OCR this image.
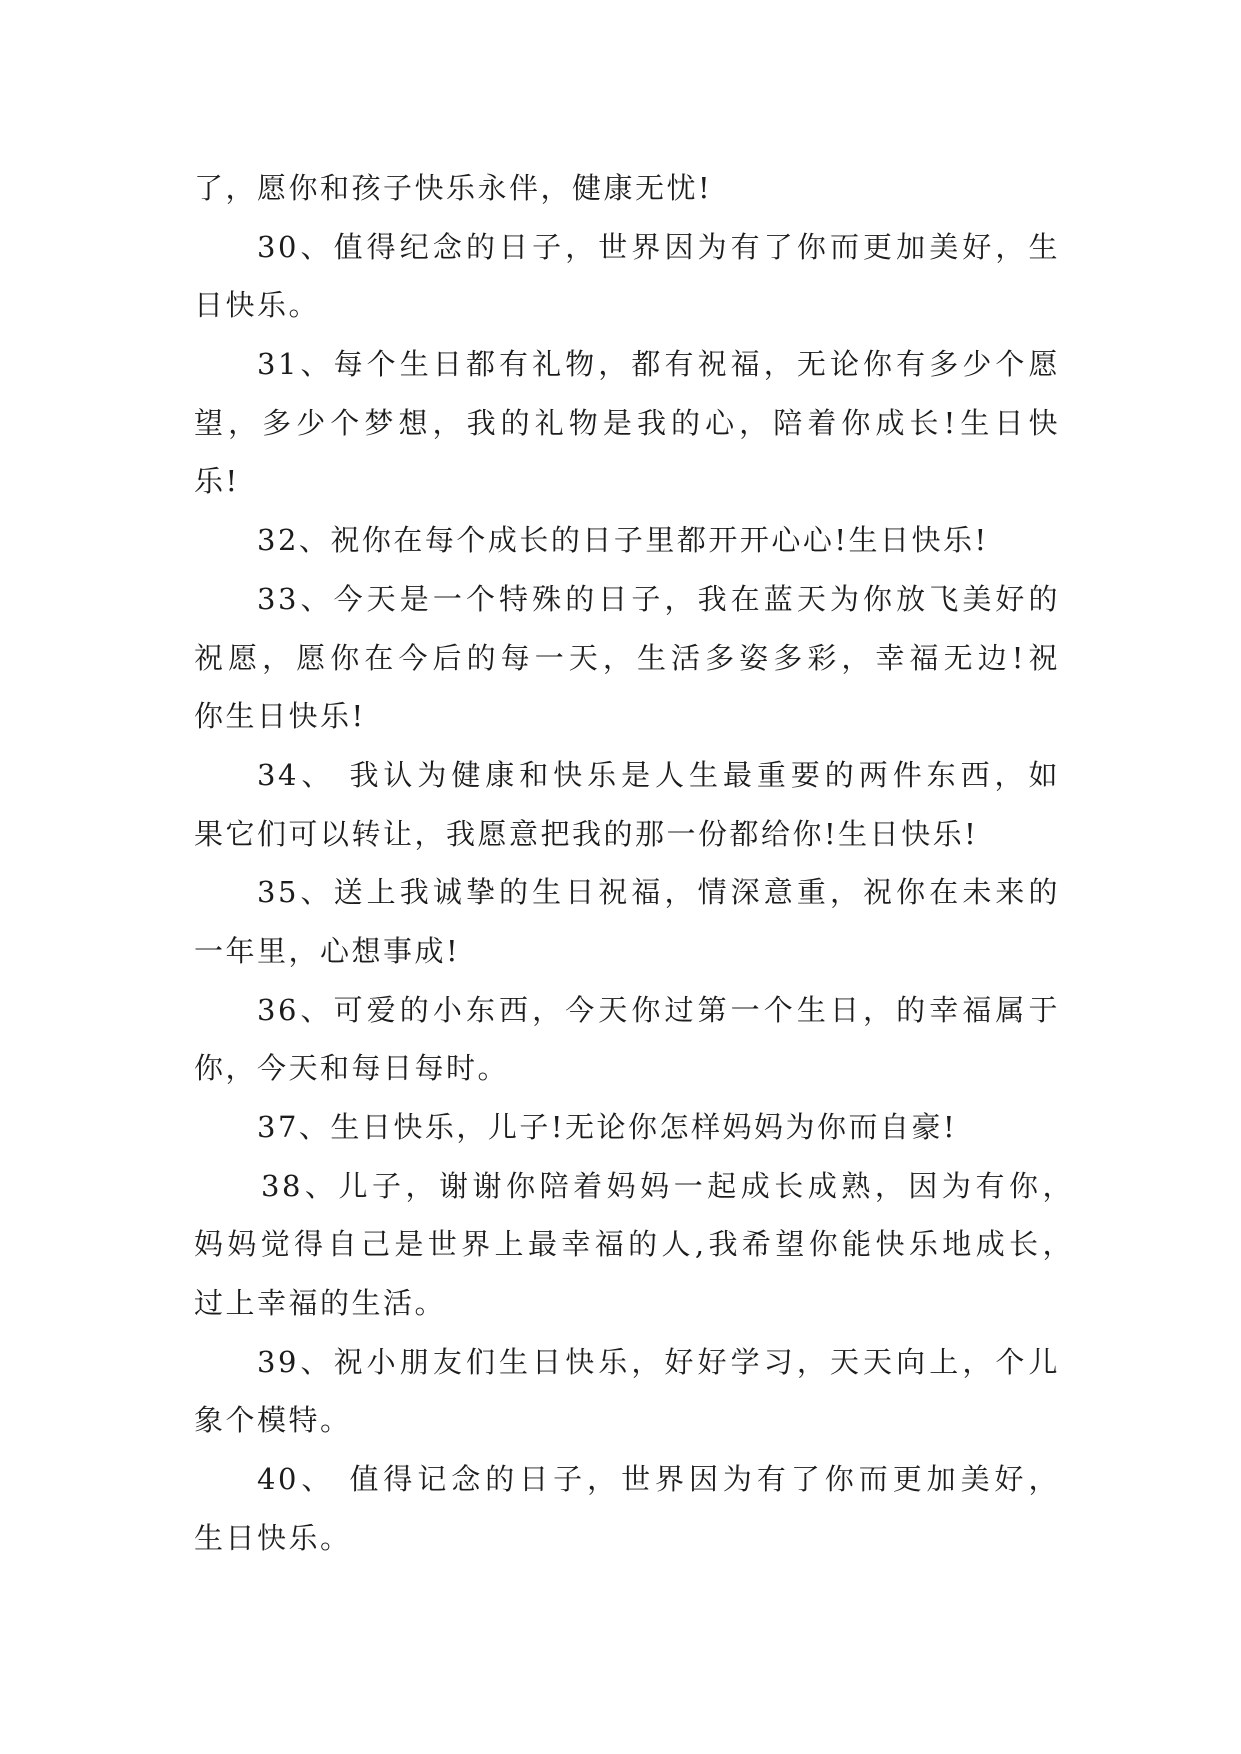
了，愿你和孩子快乐永伴，健康无忧!
30、值得纪念的日子，世界因为有了你而更加美好，生
日快乐。
31、每个生日都有礼物，都有祝福，无论你有多少个愿
望，多少个梦想，我的礼物是我的心，陪着你成长!生日快
乐!
32、祝你在每个成长的日子里都开开心心!生日快乐!
33、今天是一个特殊的日子，我在蓝天为你放飞美好的
祝愿，愿你在今后的每一天，生活多姿多彩，幸福无边!祝
你生日快乐!
34、 我认为健康和快乐是人生最重要的两件东西，如
果它们可以转让，我愿意把我的那一份都给你!生日快乐!
35、送上我诚挚的生日祝福，情深意重，祝你在未来的
一年里，心想事成!
36、可爱的小东西，今天你过第一个生日，的幸福属于
你，今天和每日每时。
37、生日快乐，儿子!无论你怎样妈妈为你而自豪!
38、儿子，谢谢你陪着妈妈一起成长成熟，因为有你，
妈妈觉得自己是世界上最幸福的人,我希望你能快乐地成长，
过上幸福的生活。
39、祝小朋友们生日快乐，好好学习，天天向上，个儿
象个模特。
40、 值得记念的日子，世界因为有了你而更加美好，
生日快乐。
